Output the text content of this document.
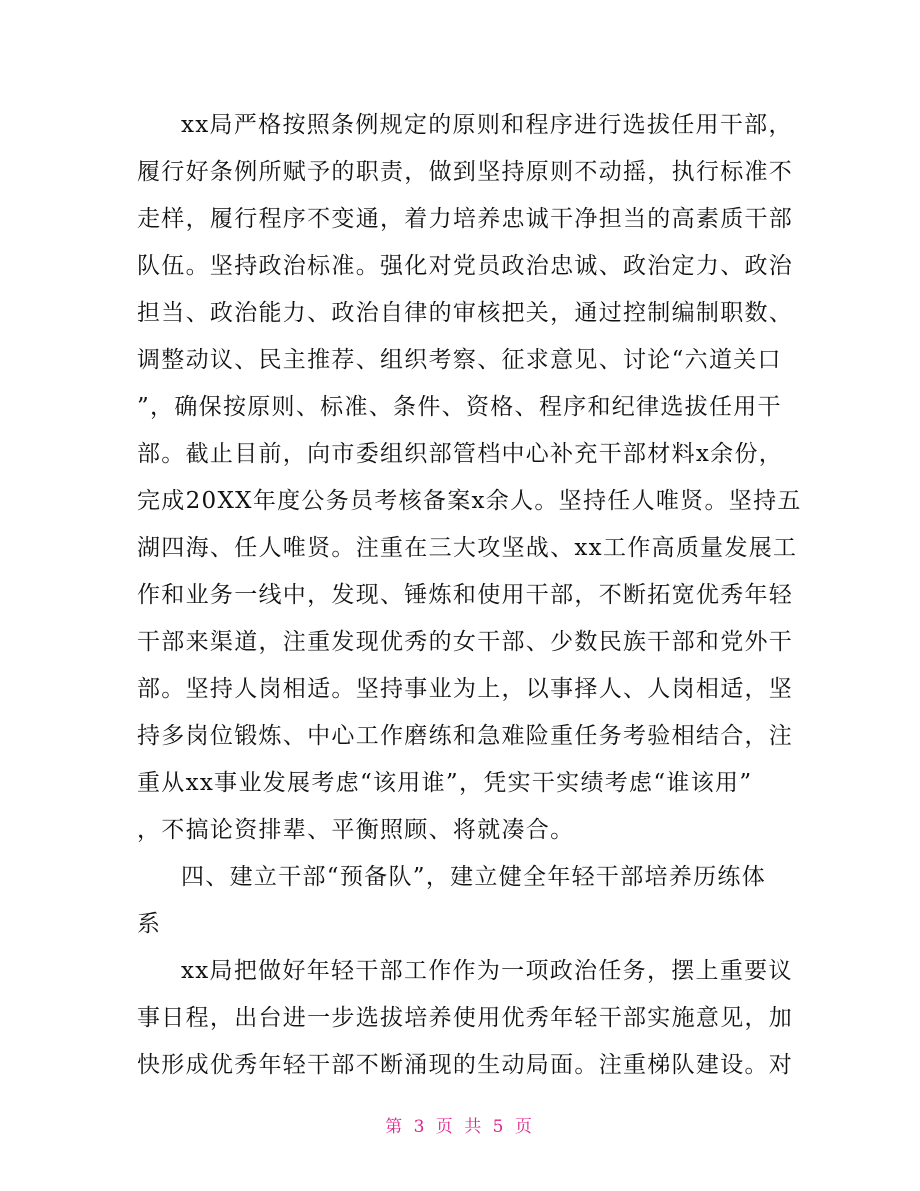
xx局严格按照条例规定的原则和程序进行选拔任用干部，
履行好条例所赋予的职责，做到坚持原则不动摇，执行标准不
走样，履行程序不变通，着力培养忠诚干净担当的高素质干部
队伍。坚持政治标准。强化对党员政治忠诚、政治定力、政治
担当、政治能力、政治自律的审核把关，通过控制编制职数、
调整动议、民主推荐、组织考察、征求意见、讨论“六道关口
”，确保按原则、标准、条件、资格、程序和纪律选拔任用干
部。截止目前，向市委组织部管档中心补充干部材料x余份，
完成20XX年度公务员考核备案x余人。坚持任人唯贤。坚持五
湖四海、任人唯贤。注重在三大攻坚战、xx工作高质量发展工
作和业务一线中，发现、锤炼和使用干部，不断拓宽优秀年轻
干部来渠道，注重发现优秀的女干部、少数民族干部和党外干
部。坚持人岗相适。坚持事业为上，以事择人、人岗相适，坚
持多岗位锻炼、中心工作磨练和急难险重任务考验相结合，注
重从xx事业发展考虑“该用谁”，凭实干实绩考虑“谁该用”
，不搞论资排辈、平衡照顾、将就凑合。
四、建立干部“预备队”，建立健全年轻干部培养历练体
系
xx局把做好年轻干部工作作为一项政治任务，摆上重要议
事日程，出台进一步选拔培养使用优秀年轻干部实施意见，加
快形成优秀年轻干部不断涌现的生动局面。注重梯队建设。对
第 3 页 共 5 页
